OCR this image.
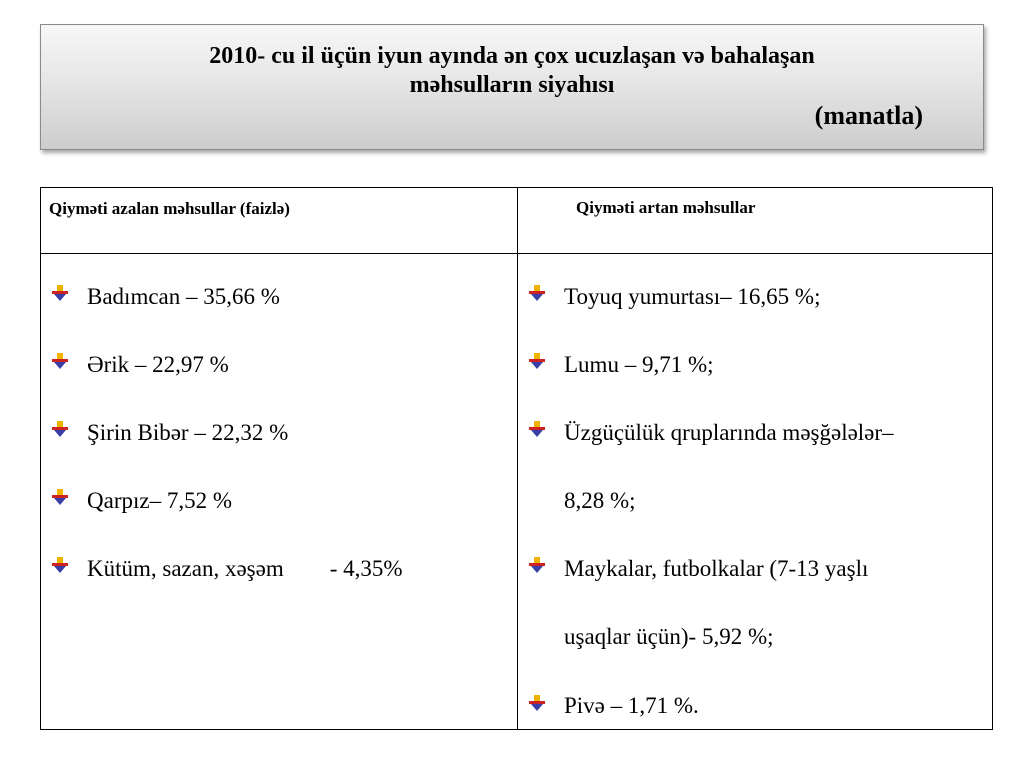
2010- cu il üçün iyun ayında ən çox ucuzlaşan və bahalaşan
məhsulların siyahısı
(manatla)
Qiymәti azalan mәhsullar (faizlә)	Qiymәti artan mәhsullar
Badımcan – 35,66 %
Әrik – 22,97 %
Şirin Bibәr – 22,32 %
Qarpız– 7,52 %
Kütüm, sazan, xәşәm        - 4,35%
Toyuq yumurtası– 16,65 %;
Lumu – 9,71 %;
Üzgüçülük qruplarında mәşğәlәlәr–
8,28 %;
Maykalar, futbolkalar (7-13 yaşlı
uşaqlar üçün)- 5,92 %;
Pivә – 1,71 %.
